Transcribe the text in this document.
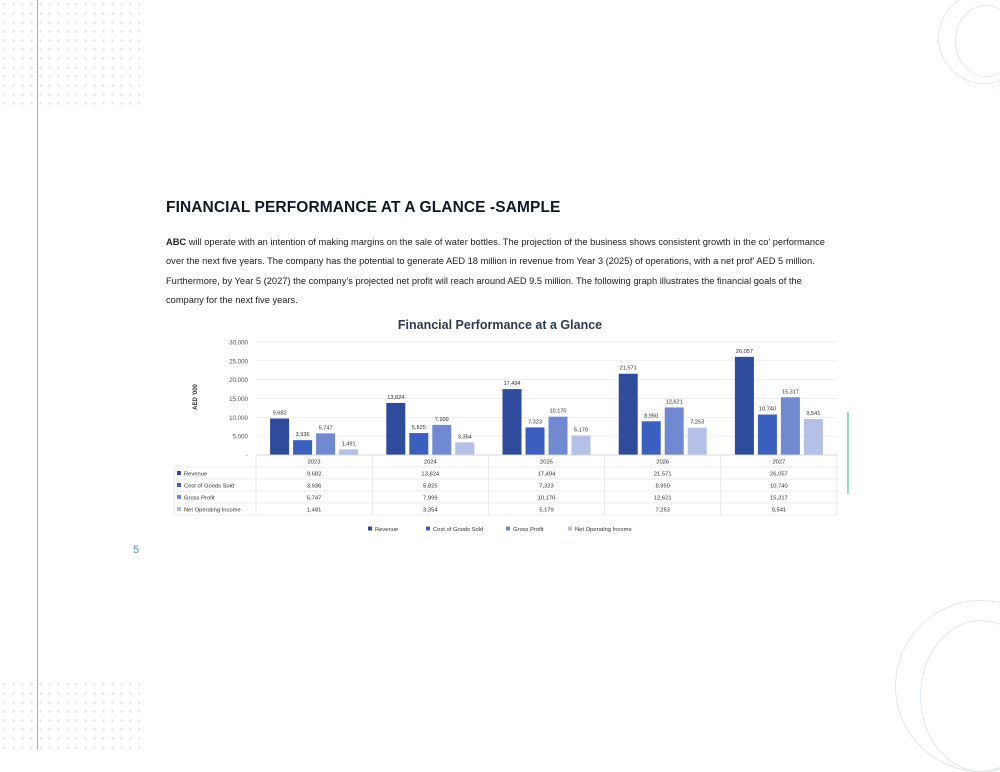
FINANCIAL PERFORMANCE AT A GLANCE -SAMPLE
ABC will operate with an intention of making margins on the sale of water bottles. The projection of the business shows consistent growth in the co’ performance over the next five years. The company has the potential to generate AED 18 million in revenue from Year 3 (2025) of operations, with a net prof’ AED 5 million. Furthermore, by Year 5 (2027) the company’s projected net profit will reach around AED 9.5 million. The following graph illustrates the financial goals of the company for the next five years.
Financial Performance at a Glance
30,000
25,000
20,000
15,000
10,000
5,000
-
AED '000
9,682
3,936
5,747
1,491
13,824
5,825
7,999
3,354
17,494
7,323
10,170
5,179
21,571
8,950
12,621
7,253
26,057
10,740
15,317
9,541
2023	2024	2025	2026	2027
Revenue	9,682	13,824	17,494	21,571	26,057
Cost of Goods Sold	3,936	5,825	7,323	8,950	10,740
Gross Profit	5,747	7,999	10,170	12,621	15,317
Net Operating Income	1,491	3,354	5,179	7,253	9,541
Revenue	Cost of Goods Sold	Gross Profit	Net Operating Income
5
